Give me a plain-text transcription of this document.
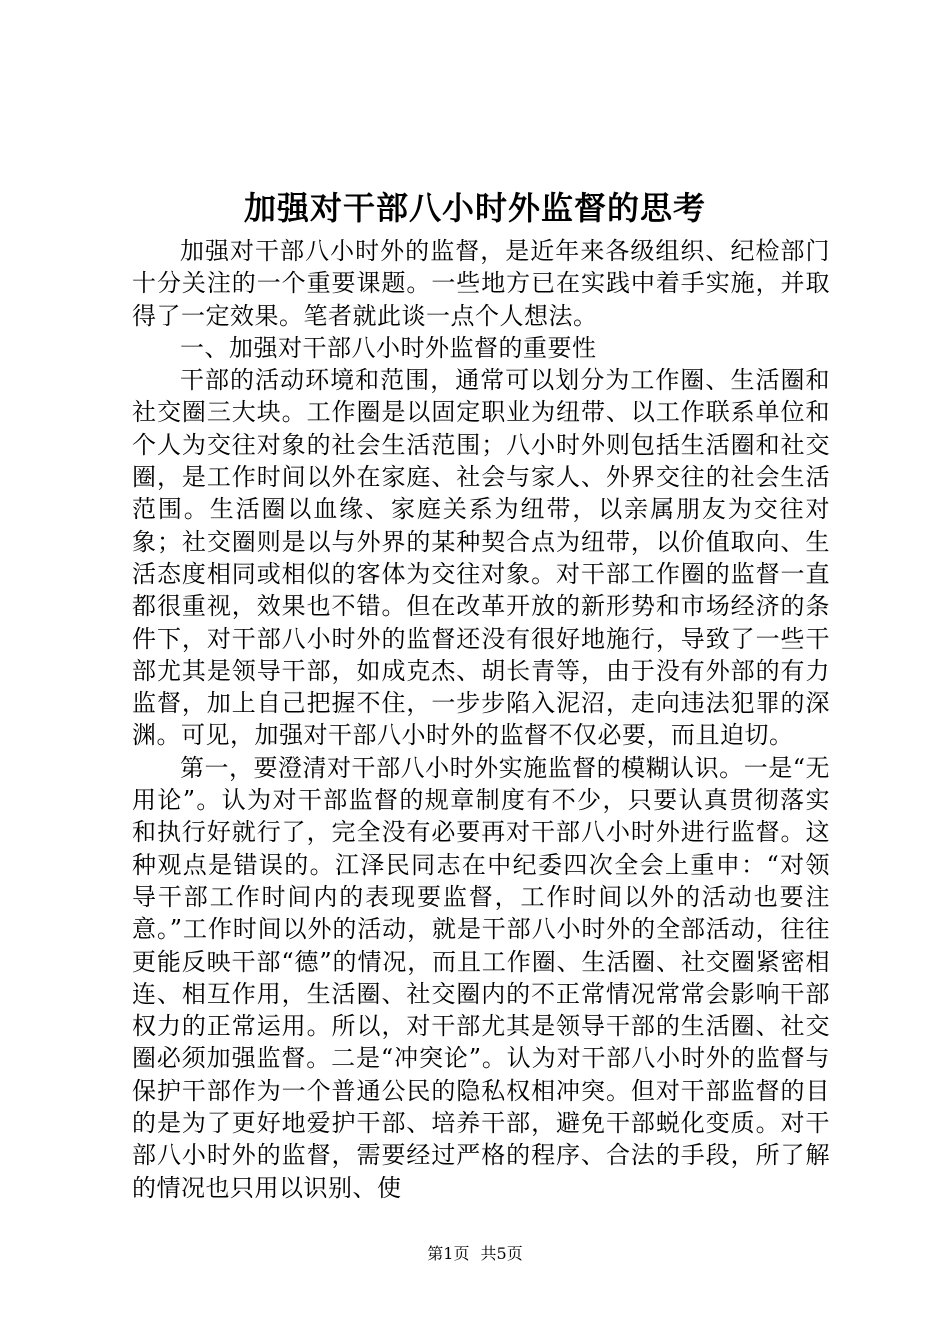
加强对干部八小时外监督的思考

加强对干部八小时外的监督，是近年来各级组织、纪检部门十分关注的一个重要课题。一些地方已在实践中着手实施，并取得了一定效果。笔者就此谈一点个人想法。

一、加强对干部八小时外监督的重要性

干部的活动环境和范围，通常可以划分为工作圈、生活圈和社交圈三大块。工作圈是以固定职业为纽带、以工作联系单位和个人为交往对象的社会生活范围；八小时外则包括生活圈和社交圈，是工作时间以外在家庭、社会与家人、外界交往的社会生活范围。生活圈以血缘、家庭关系为纽带，以亲属朋友为交往对象；社交圈则是以与外界的某种契合点为纽带，以价值取向、生活态度相同或相似的客体为交往对象。对干部工作圈的监督一直都很重视，效果也不错。但在改革开放的新形势和市场经济的条件下，对干部八小时外的监督还没有很好地施行，导致了一些干部尤其是领导干部，如成克杰、胡长青等，由于没有外部的有力监督，加上自己把握不住，一步步陷入泥沼，走向违法犯罪的深渊。可见，加强对干部八小时外的监督不仅必要，而且迫切。

第一，要澄清对干部八小时外实施监督的模糊认识。一是“无用论”。认为对干部监督的规章制度有不少，只要认真贯彻落实和执行好就行了，完全没有必要再对干部八小时外进行监督。这种观点是错误的。江泽民同志在中纪委四次全会上重申：“对领导干部工作时间内的表现要监督，工作时间以外的活动也要注意。”工作时间以外的活动，就是干部八小时外的全部活动，往往更能反映干部“德”的情况，而且工作圈、生活圈、社交圈紧密相连、相互作用，生活圈、社交圈内的不正常情况常常会影响干部权力的正常运用。所以，对干部尤其是领导干部的生活圈、社交圈必须加强监督。二是“冲突论”。认为对干部八小时外的监督与保护干部作为一个普通公民的隐私权相冲突。但对干部监督的目的是为了更好地爱护干部、培养干部，避免干部蜕化变质。对干部八小时外的监督，需要经过严格的程序、合法的手段，所了解的情况也只用以识别、使

第1页 共5页
